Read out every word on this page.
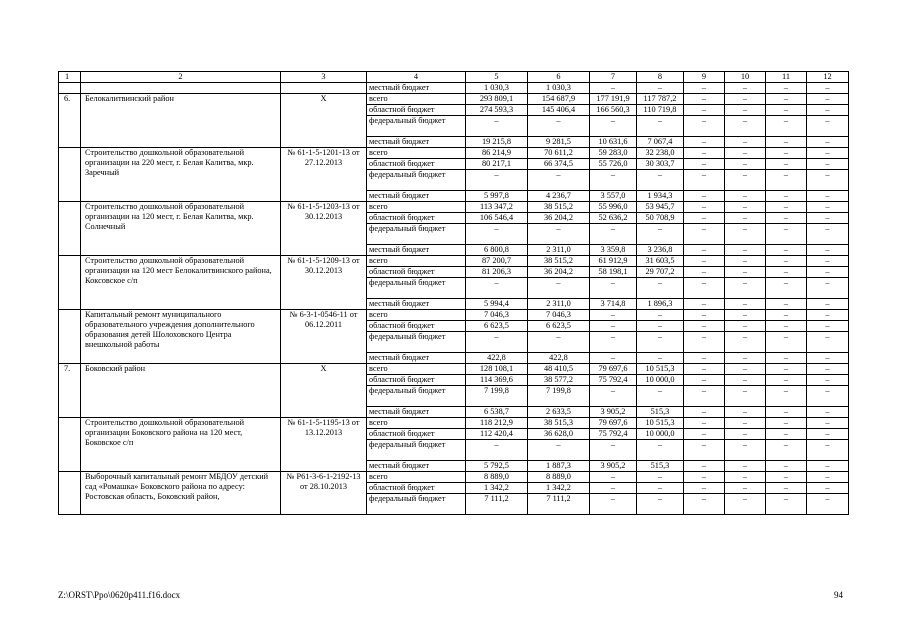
1	2	3	4	5	6	7	8	9	10	11	12
			местный бюджет	1 030,3	1 030,3	–	–	–	–	–	–
6.	Белокалитвинский район	Х	всего	293 809,1	154 687,9	177 191,9	117 787,2	–	–	–	–
			областной бюджет	274 593,3	145 406,4	166 560,3	110 719,8	–	–	–	–
			федеральный бюджет	–	–	–	–	–	–	–	–
			местный бюджет	19 215,8	9 281,5	10 631,6	7 067,4	–	–	–	–
	Строительство дошкольной образовательной организации на 220 мест, г. Белая Калитва, мкр. Заречный	№ 61-1-5-1201-13 от 27.12.2013	всего	86 214,9	70 611,2	59 283,0	32 238,0	–	–	–	–
			областной бюджет	80 217,1	66 374,5	55 726,0	30 303,7	–	–	–	–
			федеральный бюджет	–	–	–	–	–	–	–	–
			местный бюджет	5 997,8	4 236,7	3 557,0	1 934,3	–	–	–	–
	Строительство дошкольной образовательной организации на 120 мест, г. Белая Калитва, мкр. Солнечный	№ 61-1-5-1203-13 от 30.12.2013	всего	113 347,2	38 515,2	55 996,0	53 945,7	–	–	–	–
			областной бюджет	106 546,4	36 204,2	52 636,2	50 708,9	–	–	–	–
			федеральный бюджет	–	–	–	–	–	–	–	–
			местный бюджет	6 800,8	2 311,0	3 359,8	3 236,8	–	–	–	–
	Строительство дошкольной образовательной организации на 120 мест Белокалитвинского района, Коксовское с/п	№ 61-1-5-1209-13 от 30.12.2013	всего	87 200,7	38 515,2	61 912,9	31 603,5	–	–	–	–
			областной бюджет	81 206,3	36 204,2	58 198,1	29 707,2	–	–	–	–
			федеральный бюджет	–	–	–	–	–	–	–	–
			местный бюджет	5 994,4	2 311,0	3 714,8	1 896,3	–	–	–	–
	Капитальный ремонт муниципального образовательного учреждения дополнительного образования детей Шолоховского Центра внешкольной работы	№ 6-3-1-0546-11 от 06.12.2011	всего	7 046,3	7 046,3	–	–	–	–	–	–
			областной бюджет	6 623,5	6 623,5	–	–	–	–	–	–
			федеральный бюджет	–	–	–	–	–	–	–	–
			местный бюджет	422,8	422,8	–	–	–	–	–	–
7.	Боковский район	Х	всего	128 108,1	48 410,5	79 697,6	10 515,3	–	–	–	–
			областной бюджет	114 369,6	38 577,2	75 792,4	10 000,0	–	–	–	–
			федеральный бюджет	7 199,8	7 199,8	–	–	–	–	–	–
			местный бюджет	6 538,7	2 633,5	3 905,2	515,3	–	–	–	–
	Строительство дошкольной образовательной организации Боковского района на 120 мест, Боковское с/п	№ 61-1-5-1195-13 от 13.12.2013	всего	118 212,9	38 515,3	79 697,6	10 515,3	–	–	–	–
			областной бюджет	112 420,4	36 628,0	75 792,4	10 000,0	–	–	–	–
			федеральный бюджет	–	–	–	–	–	–	–	–
			местный бюджет	5 792,5	1 887,3	3 905,2	515,3	–	–	–	–
	Выборочный капитальный ремонт МБДОУ детский сад «Ромашка» Боковского района по адресу: Ростовская область, Боковский район,	№ Р61-3-6-1-2192-13 от 28.10.2013	всего	8 889,0	8 889,0	–	–	–	–	–	–
			областной бюджет	1 342,2	1 342,2	–	–	–	–	–	–
			федеральный бюджет	7 111,2	7 111,2	–	–	–	–	–	–
Z:\ORST\Ppo\0620p411.f16.docx	94
